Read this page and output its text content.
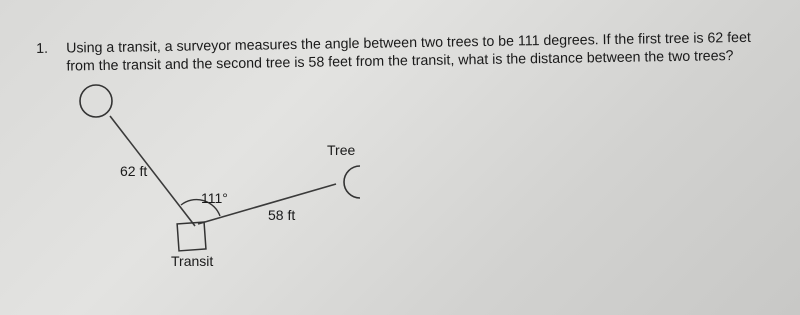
1. Using a transit, a surveyor measures the angle between two trees to be 111 degrees. If the first tree is 62 feet from the transit and the second tree is 58 feet from the transit, what is the distance between the two trees?
Tree
62 ft
111°
58 ft
Transit
